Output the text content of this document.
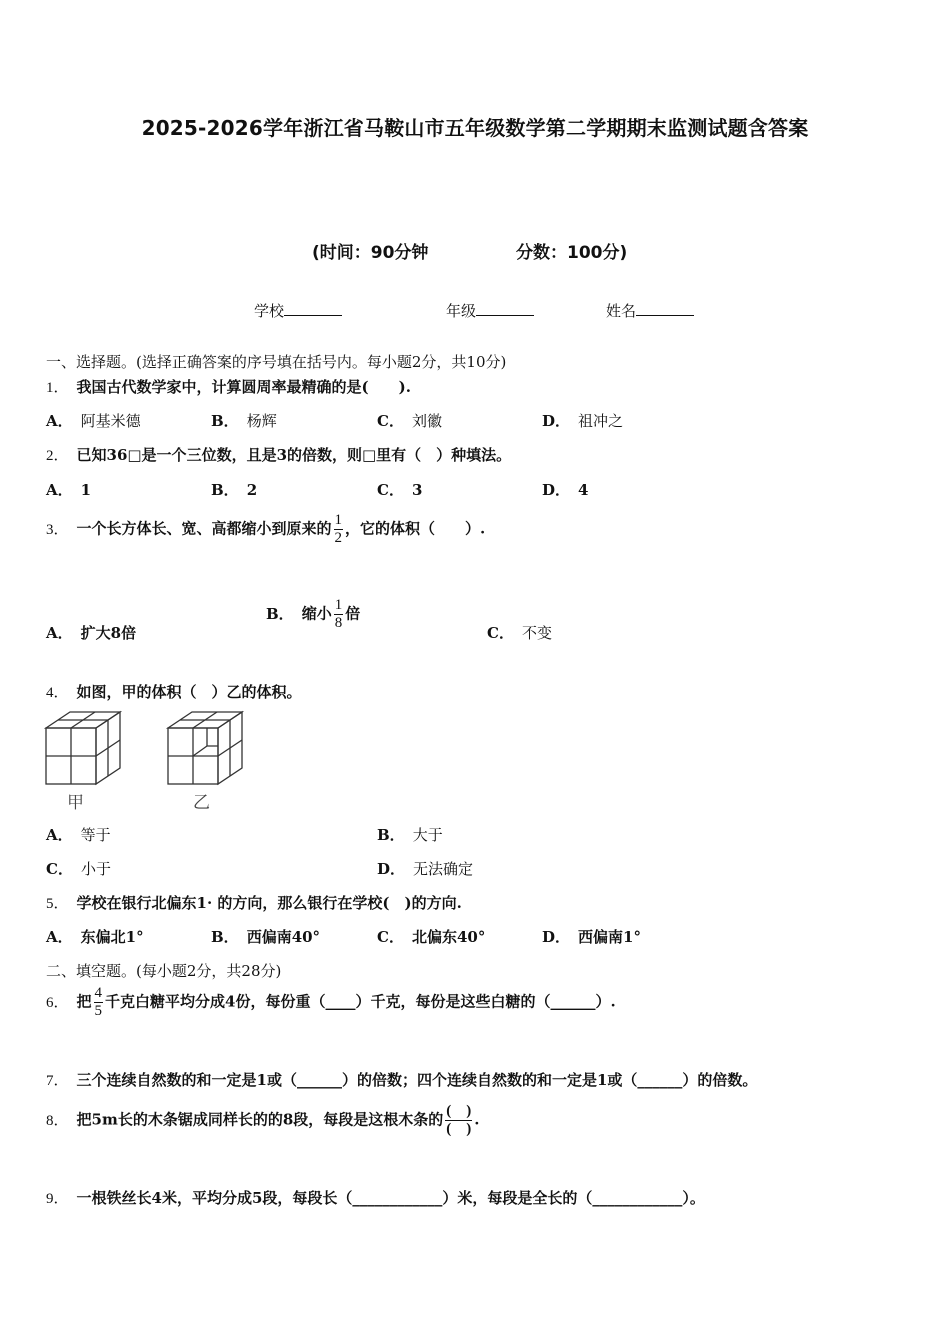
2025-2026学年浙江省马鞍山市五年级数学第二学期期末监测试题含答案
(时间：90分钟	分数：100分)
学校	年级	姓名
一、选择题。(选择正确答案的序号填在括号内。每小题2分，共10分)
1． 我国古代数学家中，计算圆周率最精确的是(　　).
A． 阿基米德	B． 杨辉	C． 刘徽	D． 祖冲之
2． 已知36□是一个三位数，且是3的倍数，则□里有（　）种填法。
A． 1	B． 2	C． 3	D． 4
3． 一个长方体长、宽、高都缩小到原来的 $\frac{1}{2}$ ，它的体积（　　）.
A． 扩大8倍
B． 缩小 $\frac{1}{8}$ 倍
C． 不变
4． 如图，甲的体积（　）乙的体积。
甲	乙
A． 等于	B． 大于
C． 小于	D． 无法确定
5． 学校在银行北偏东1· 的方向，那么银行在学校(　)的方向.
A． 东偏北1°	B． 西偏南40°	C． 北偏东40°	D． 西偏南1°
二、填空题。(每小题2分，共28分)
6． 把 $\frac{4}{5}$ 千克白糖平均分成4份，每份重（____）千克，每份是这些白糖的（______）.
7． 三个连续自然数的和一定是1或（______）的倍数；四个连续自然数的和一定是1或（______）的倍数。
8． 把5m长的木条锯成同样长的的8段，每段是这根木条的 $\frac{( )}{( )}$ .
9． 一根铁丝长4米，平均分成5段，每段长（____________）米，每段是全长的（____________）。
